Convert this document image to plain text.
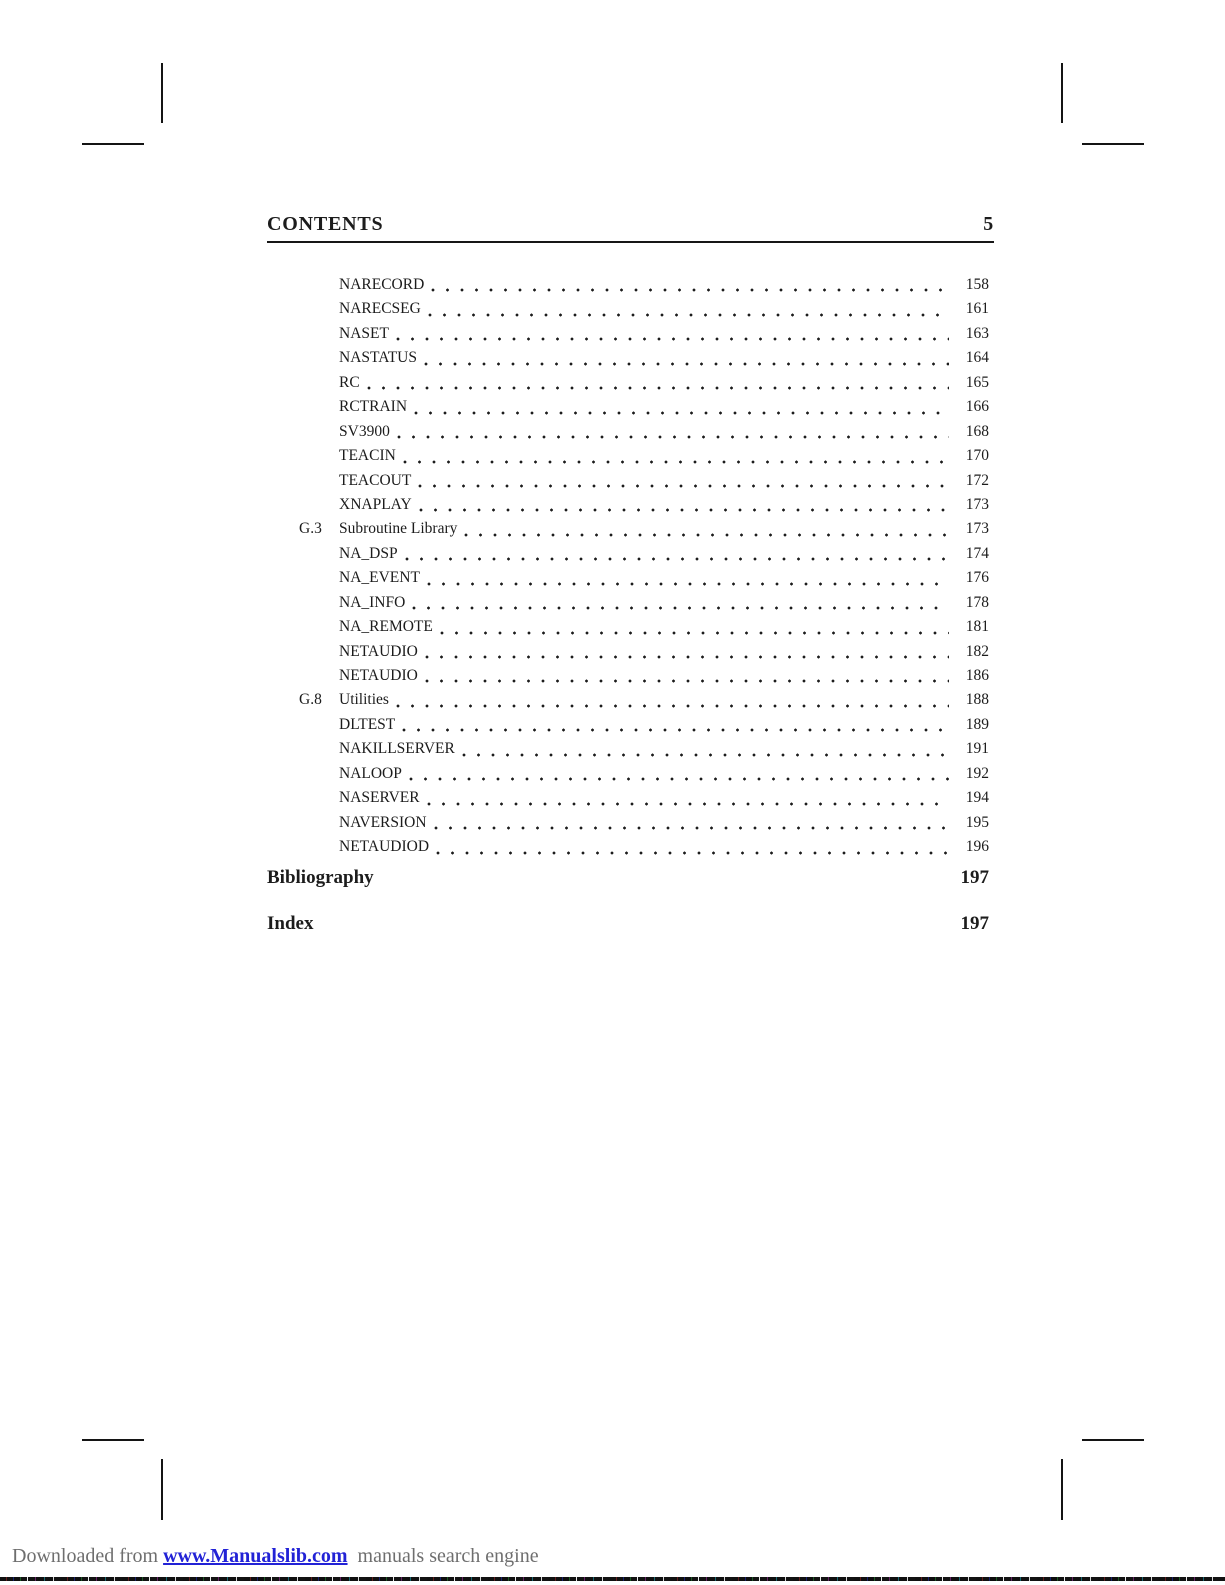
CONTENTS	5
NARECORD	158
NARECSEG	161
NASET	163
NASTATUS	164
RC	165
RCTRAIN	166
SV3900	168
TEACIN	170
TEACOUT	172
XNAPLAY	173
G.3	Subroutine Library	173
NA_DSP	174
NA_EVENT	176
NA_INFO	178
NA_REMOTE	181
NETAUDIO	182
NETAUDIO	186
G.8	Utilities	188
DLTEST	189
NAKILLSERVER	191
NALOOP	192
NASERVER	194
NAVERSION	195
NETAUDIOD	196
Bibliography	197
Index	197
Downloaded from www.Manualslib.com  manuals search engine
